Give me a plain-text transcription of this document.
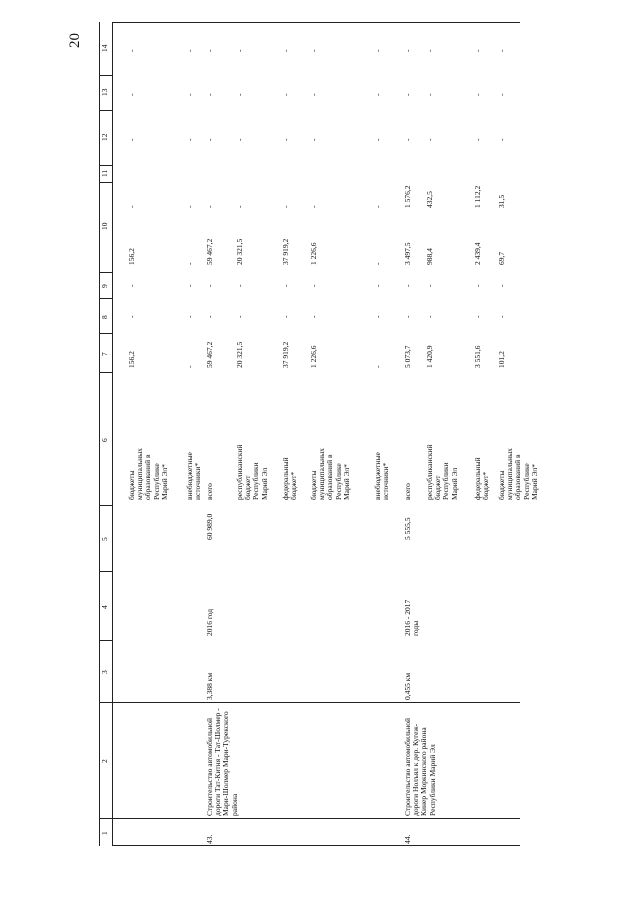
20
1
2
3
4
5
6
7
8
9
10
11
12
13
14
бюджеты муниципальных образований в Республике Марий Эл*
156,2
-
-
156,2
-
-
-
-
внебюджетные источники*
-
-
-
-
-
-
-
-
43.
Строительство автомобильной дороги Тат-Китня - Тат-Шолмер - Мари-Шолмер Мари-Турекского района
3,388 км
2016 год
60 989,0
всего
59 467,2
-
-
59 467,2
-
-
-
-
республиканский бюджет Республики Марий Эл
20 321,5
-
-
20 321,5
-
-
-
-
федеральный бюджет*
37 919,2
-
-
37 919,2
-
-
-
-
бюджеты муниципальных образований в Республике Марий Эл*
1 226,6
-
-
1 226,6
-
-
-
-
внебюджетные источники*
-
-
-
-
-
-
-
-
44.
Строительство автомобильной дороги Нолъял к дер. Кугеж-Кинер Моркинского района Республики Марий Эл
0,455 км
2016 - 2017 годы
5 555,5
всего
5 073,7
-
-
3 497,5
1 576,2
-
-
-
республиканский бюджет Республики Марий Эл
1 420,9
-
-
988,4
432,5
-
-
-
федеральный бюджет*
3 551,6
-
-
2 439,4
1 112,2
-
-
-
бюджеты муниципальных образований в Республике Марий Эл*
101,2
-
-
69,7
31,5
-
-
-
